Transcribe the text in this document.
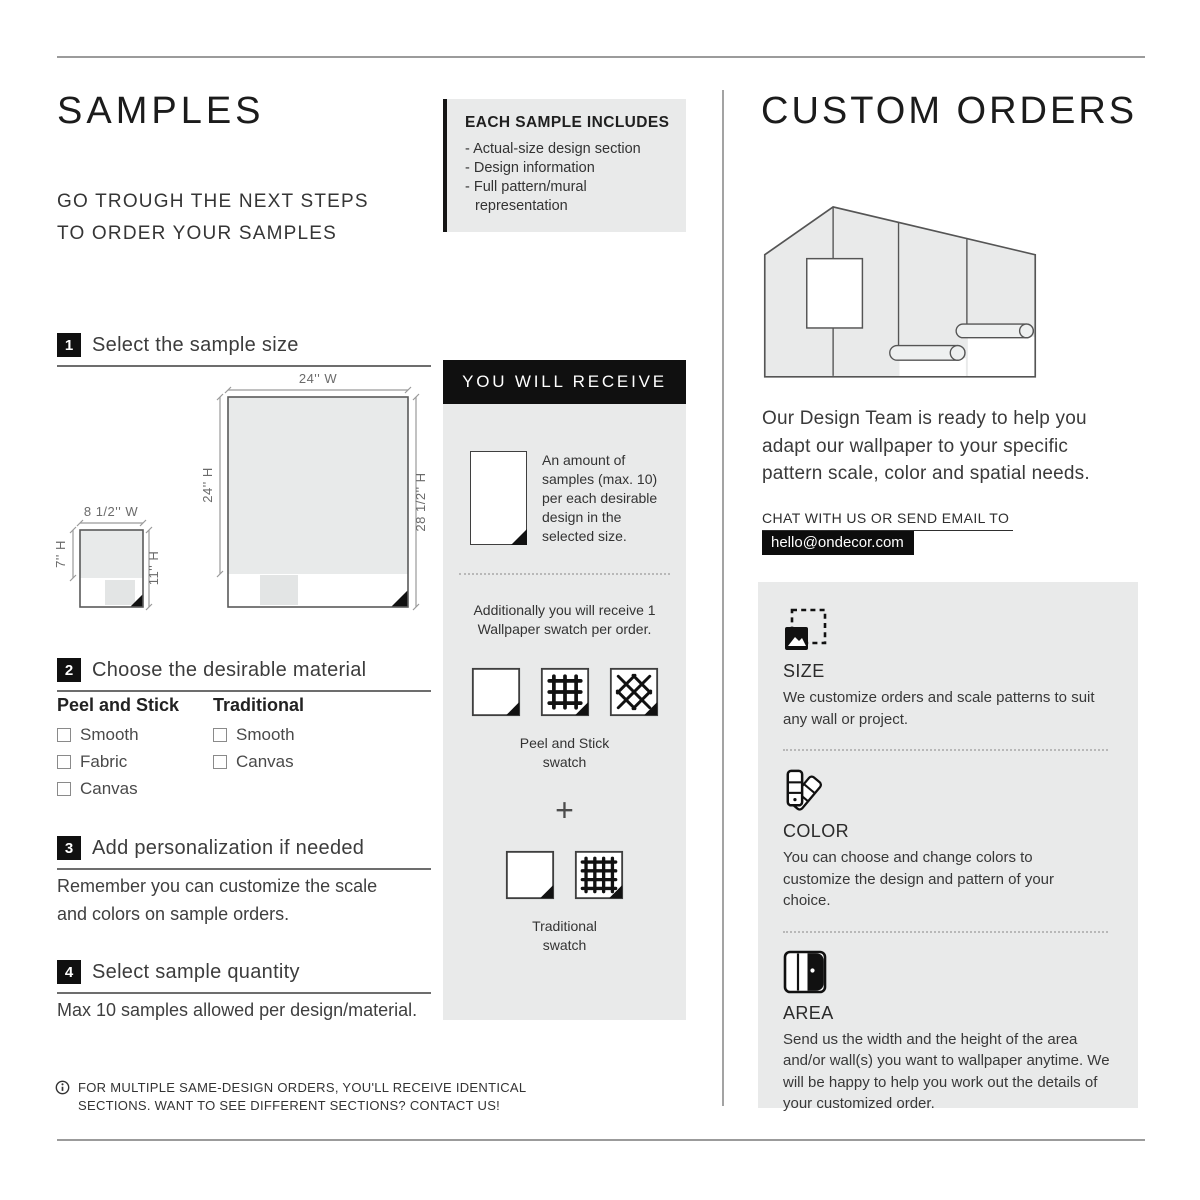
SAMPLES
GO TROUGH THE NEXT STEPS
TO ORDER YOUR SAMPLES
1 Select the sample size
24'' W
24'' H	28 1/2'' H
8 1/2'' W
7'' H	11'' H
2 Choose the desirable material
Peel and Stick
Smooth
Fabric
Canvas
Traditional
Smooth
Canvas
3 Add personalization if needed
Remember you can customize the scale
and colors on sample orders.
4 Select sample quantity
Max 10 samples allowed per design/material.
FOR MULTIPLE SAME-DESIGN ORDERS, YOU'LL RECEIVE IDENTICAL
SECTIONS. WANT TO SEE DIFFERENT SECTIONS? CONTACT US!
EACH SAMPLE INCLUDES
- Actual-size design section
- Design information
- Full pattern/mural representation
YOU WILL RECEIVE
An amount of samples (max. 10) per each desirable design in the selected size.
Additionally you will receive 1 Wallpaper swatch per order.
Peel and Stick
swatch
+
Traditional
swatch
CUSTOM ORDERS
Our Design Team is ready to help you
adapt our wallpaper to your specific
pattern scale, color and spatial needs.
CHAT WITH US OR SEND EMAIL TO
hello@ondecor.com
SIZE

We customize orders and scale patterns to suit any wall or project.

COLOR

You can choose and change colors to customize the design and pattern of your choice.

AREA

Send us the width and the height of the area and/or wall(s) you want to wallpaper anytime. We will be happy to help you work out the details of your customized order.
